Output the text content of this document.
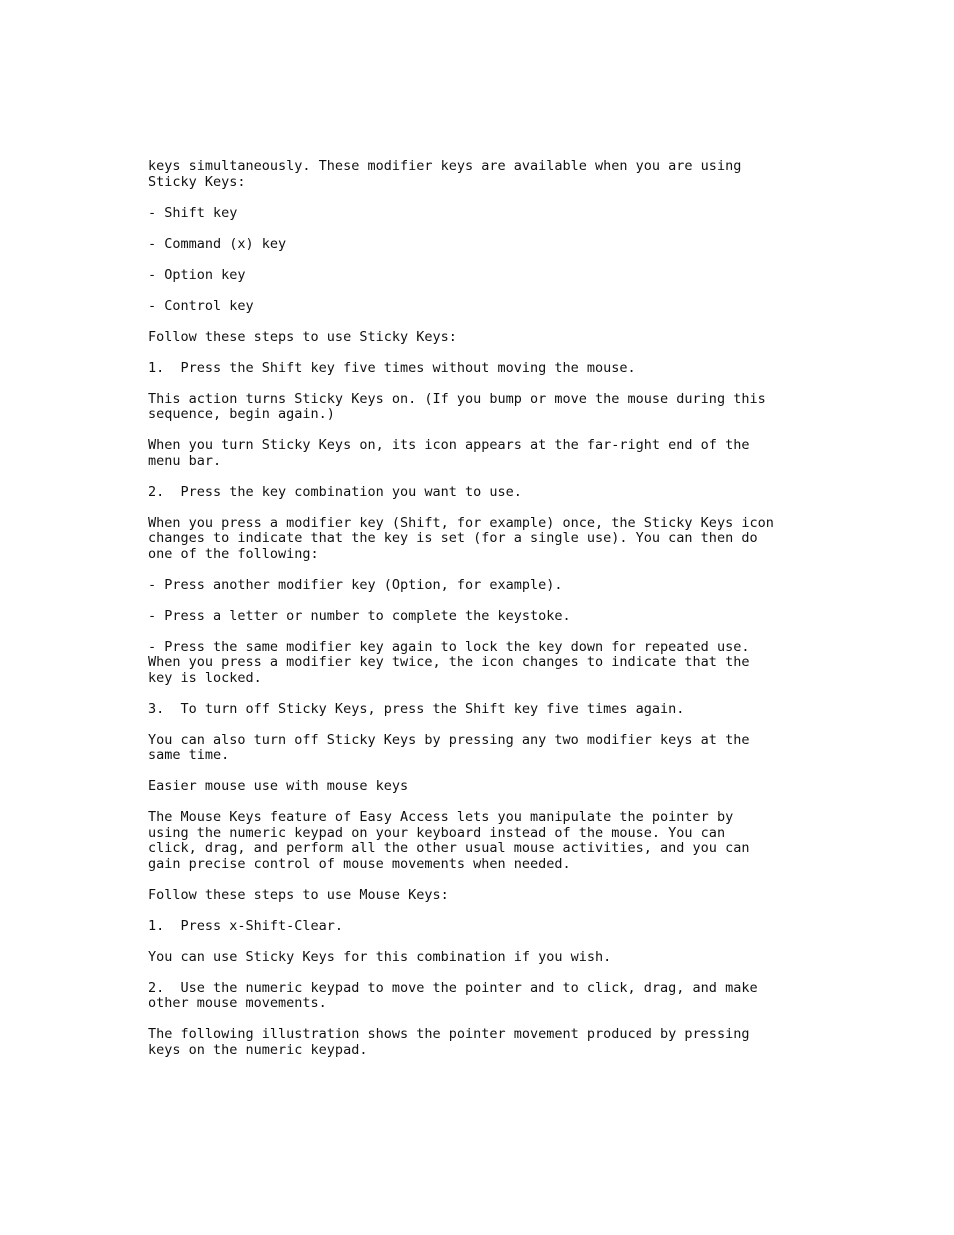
keys simultaneously. These modifier keys are available when you are using
Sticky Keys:

- Shift key

- Command (x) key

- Option key

- Control key

Follow these steps to use Sticky Keys:

1.  Press the Shift key five times without moving the mouse.

This action turns Sticky Keys on. (If you bump or move the mouse during this
sequence, begin again.)

When you turn Sticky Keys on, its icon appears at the far-right end of the
menu bar.

2.  Press the key combination you want to use.

When you press a modifier key (Shift, for example) once, the Sticky Keys icon
changes to indicate that the key is set (for a single use). You can then do
one of the following:

- Press another modifier key (Option, for example).

- Press a letter or number to complete the keystoke.

- Press the same modifier key again to lock the key down for repeated use.
When you press a modifier key twice, the icon changes to indicate that the
key is locked.

3.  To turn off Sticky Keys, press the Shift key five times again.

You can also turn off Sticky Keys by pressing any two modifier keys at the
same time.

Easier mouse use with mouse keys

The Mouse Keys feature of Easy Access lets you manipulate the pointer by
using the numeric keypad on your keyboard instead of the mouse. You can
click, drag, and perform all the other usual mouse activities, and you can
gain precise control of mouse movements when needed.

Follow these steps to use Mouse Keys:

1.  Press x-Shift-Clear.

You can use Sticky Keys for this combination if you wish.

2.  Use the numeric keypad to move the pointer and to click, drag, and make
other mouse movements.

The following illustration shows the pointer movement produced by pressing
keys on the numeric keypad.
